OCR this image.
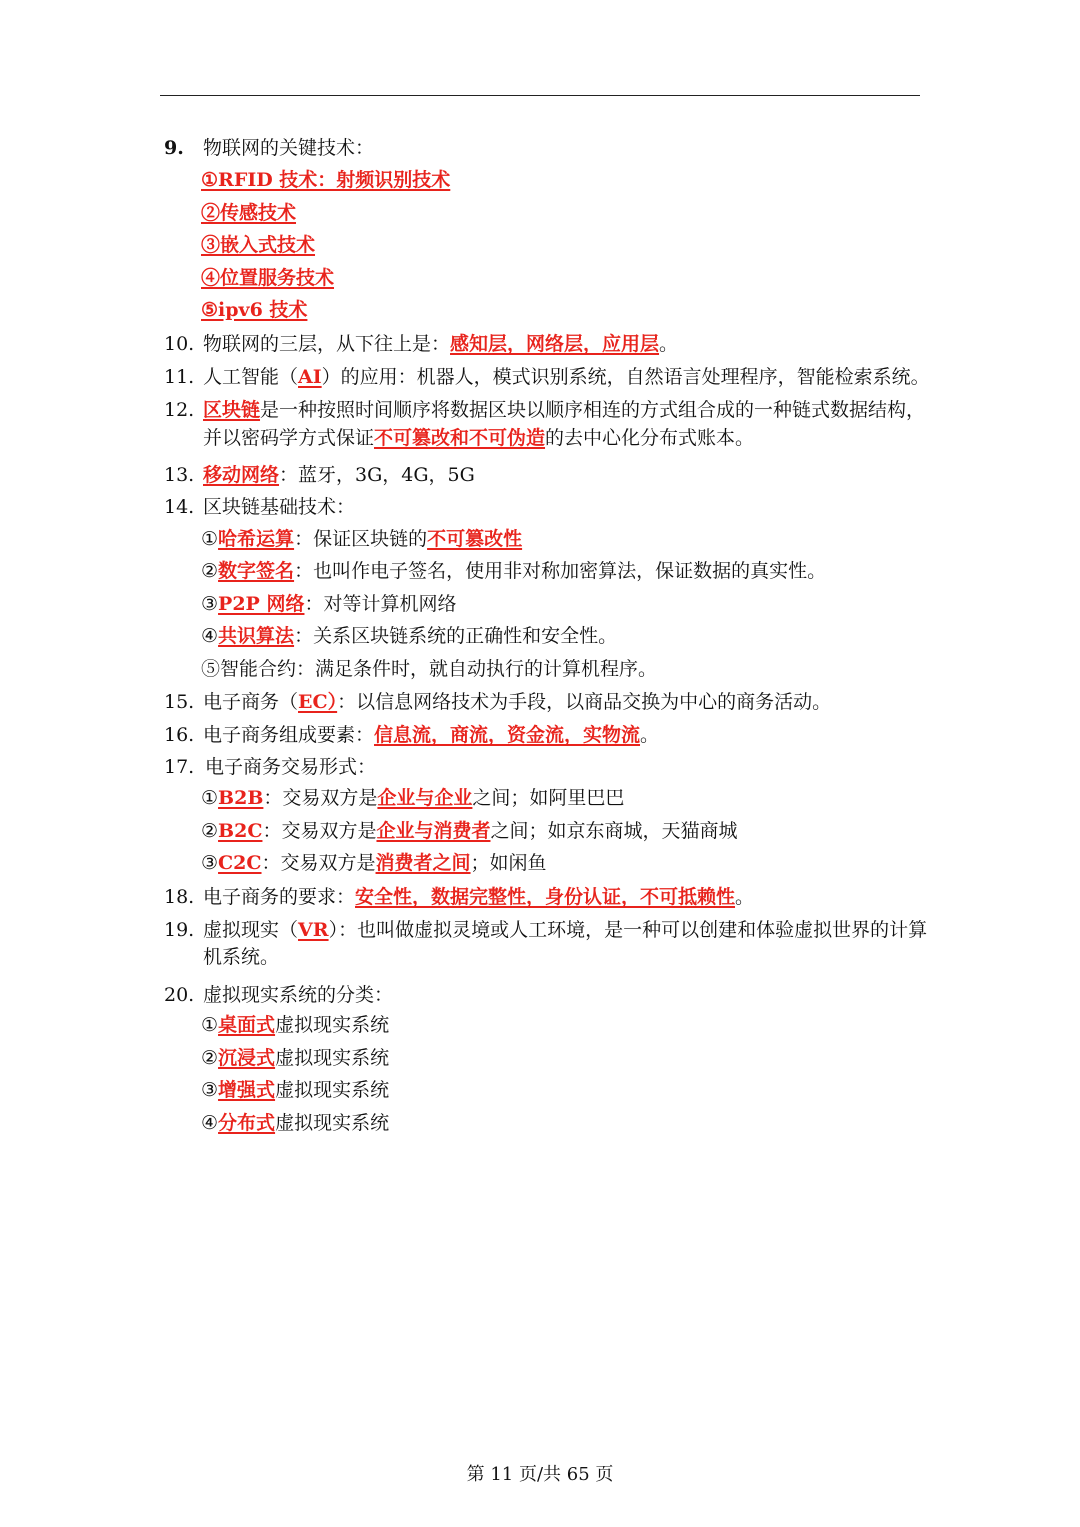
9. 物联网的关键技术：
①RFID 技术：射频识别技术
②传感技术
③嵌入式技术
④位置服务技术
⑤ipv6 技术
10. 物联网的三层，从下往上是：感知层，网络层，应用层。
11. 人工智能（AI）的应用：机器人，模式识别系统，自然语言处理程序，智能检索系统。
12. 区块链是一种按照时间顺序将数据区块以顺序相连的方式组合成的一种链式数据结构，
并以密码学方式保证不可篡改和不可伪造的去中心化分布式账本。
13. 移动网络：蓝牙，3G，4G，5G
14. 区块链基础技术：
①哈希运算：保证区块链的不可篡改性
②数字签名：也叫作电子签名，使用非对称加密算法，保证数据的真实性。
③P2P 网络：对等计算机网络
④共识算法：关系区块链系统的正确性和安全性。
⑤智能合约：满足条件时，就自动执行的计算机程序。
15. 电子商务（EC）：以信息网络技术为手段，以商品交换为中心的商务活动。
16. 电子商务组成要素：信息流，商流，资金流，实物流。
17. 电子商务交易形式：
①B2B：交易双方是企业与企业之间；如阿里巴巴
②B2C：交易双方是企业与消费者之间；如京东商城，天猫商城
③C2C：交易双方是消费者之间；如闲鱼
18. 电子商务的要求：安全性，数据完整性，身份认证，不可抵赖性。
19. 虚拟现实（VR）：也叫做虚拟灵境或人工环境，是一种可以创建和体验虚拟世界的计算
机系统。
20. 虚拟现实系统的分类：
①桌面式虚拟现实系统
②沉浸式虚拟现实系统
③增强式虚拟现实系统
④分布式虚拟现实系统
第 11 页/共 65 页
